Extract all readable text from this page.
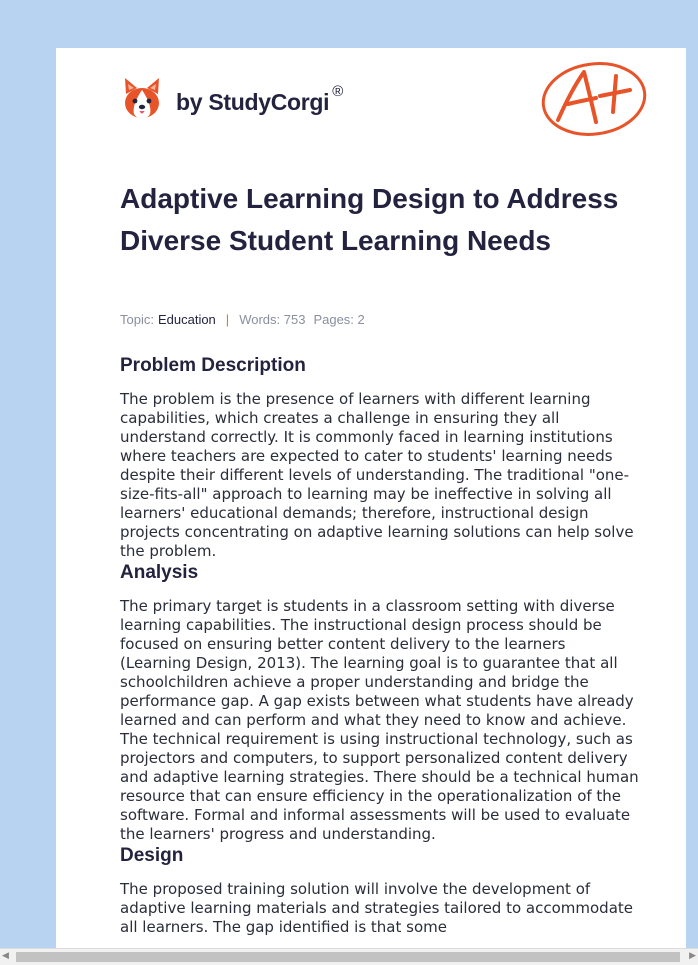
by StudyCorgi ®
A+
Adaptive Learning Design to Address Diverse Student Learning Needs
Topic: Education | Words: 753 Pages: 2
Problem Description

The problem is the presence of learners with different learning capabilities, which creates a challenge in ensuring they all understand correctly. It is commonly faced in learning institutions where teachers are expected to cater to students' learning needs despite their different levels of understanding. The traditional "one-size-fits-all" approach to learning may be ineffective in solving all learners' educational demands; therefore, instructional design projects concentrating on adaptive learning solutions can help solve the problem.

Analysis

The primary target is students in a classroom setting with diverse learning capabilities. The instructional design process should be focused on ensuring better content delivery to the learners (Learning Design, 2013). The learning goal is to guarantee that all schoolchildren achieve a proper understanding and bridge the performance gap. A gap exists between what students have already learned and can perform and what they need to know and achieve. The technical requirement is using instructional technology, such as projectors and computers, to support personalized content delivery and adaptive learning strategies. There should be a technical human resource that can ensure efficiency in the operationalization of the software. Formal and informal assessments will be used to evaluate the learners' progress and understanding.

Design

The proposed training solution will involve the development of adaptive learning materials and strategies tailored to accommodate all learners. The gap identified is that some

◀	▶
